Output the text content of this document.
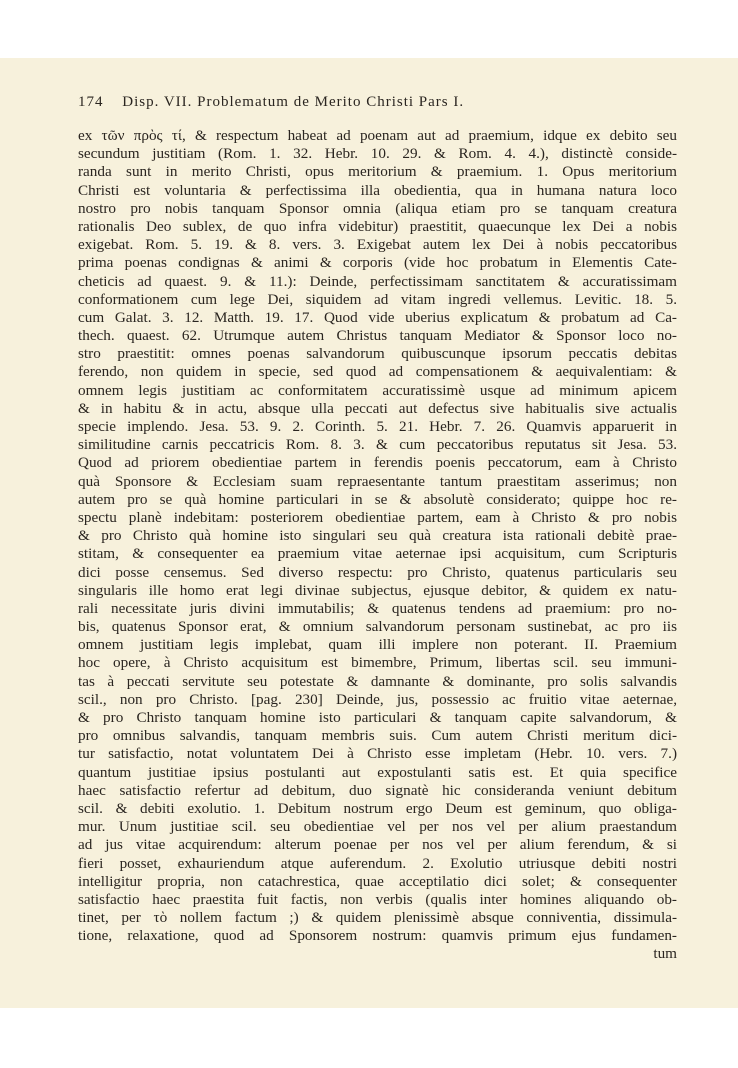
174 Disp. VII. Problematum de Merito Christi Pars I.
ex τῶν πρὸς τί, & respectum habeat ad poenam aut ad praemium, idque ex debito seu
secundum justitiam (Rom. 1. 32. Hebr. 10. 29. & Rom. 4. 4.), distinctè conside-
randa sunt in merito Christi, opus meritorium & praemium. 1. Opus meritorium
Christi est voluntaria & perfectissima illa obedientia, qua in humana natura loco
nostro pro nobis tanquam Sponsor omnia (aliqua etiam pro se tanquam creatura
rationalis Deo sublex, de quo infra videbitur) praestitit, quaecunque lex Dei a nobis
exigebat. Rom. 5. 19. & 8. vers. 3. Exigebat autem lex Dei à nobis peccatoribus
prima poenas condignas & animi & corporis (vide hoc probatum in Elementis Cate-
cheticis ad quaest. 9. & 11.): Deinde, perfectissimam sanctitatem & accuratissimam
conformationem cum lege Dei, siquidem ad vitam ingredi vellemus. Levitic. 18. 5.
cum Galat. 3. 12. Matth. 19. 17. Quod vide uberius explicatum & probatum ad Ca-
thech. quaest. 62. Utrumque autem Christus tanquam Mediator & Sponsor loco no-
stro praestitit: omnes poenas salvandorum quibuscunque ipsorum peccatis debitas
ferendo, non quidem in specie, sed quod ad compensationem & aequivalentiam: &
omnem legis justitiam ac conformitatem accuratissimè usque ad minimum apicem
& in habitu & in actu, absque ulla peccati aut defectus sive habitualis sive actualis
specie implendo. Jesa. 53. 9. 2. Corinth. 5. 21. Hebr. 7. 26. Quamvis apparuerit in
similitudine carnis peccatricis Rom. 8. 3. & cum peccatoribus reputatus sit Jesa. 53.
Quod ad priorem obedientiae partem in ferendis poenis peccatorum, eam à Christo
quà Sponsore & Ecclesiam suam repraesentante tantum praestitam asserimus; non
autem pro se quà homine particulari in se & absolutè considerato; quippe hoc re-
spectu planè indebitam: posteriorem obedientiae partem, eam à Christo & pro nobis
& pro Christo quà homine isto singulari seu quà creatura ista rationali debitè prae-
stitam, & consequenter ea praemium vitae aeternae ipsi acquisitum, cum Scripturis
dici posse censemus. Sed diverso respectu: pro Christo, quatenus particularis seu
singularis ille homo erat legi divinae subjectus, ejusque debitor, & quidem ex natu-
rali necessitate juris divini immutabilis; & quatenus tendens ad praemium: pro no-
bis, quatenus Sponsor erat, & omnium salvandorum personam sustinebat, ac pro iis
omnem justitiam legis implebat, quam illi implere non poterant. II. Praemium
hoc opere, à Christo acquisitum est bimembre, Primum, libertas scil. seu immuni-
tas à peccati servitute seu potestate & damnante & dominante, pro solis salvandis
scil., non pro Christo. [pag. 230] Deinde, jus, possessio ac fruitio vitae aeternae,
& pro Christo tanquam homine isto particulari & tanquam capite salvandorum, &
pro omnibus salvandis, tanquam membris suis. Cum autem Christi meritum dici-
tur satisfactio, notat voluntatem Dei à Christo esse impletam (Hebr. 10. vers. 7.)
quantum justitiae ipsius postulanti aut expostulanti satis est. Et quia specifice
haec satisfactio refertur ad debitum, duo signatè hic consideranda veniunt debitum
scil. & debiti exolutio. 1. Debitum nostrum ergo Deum est geminum, quo obliga-
mur. Unum justitiae scil. seu obedientiae vel per nos vel per alium praestandum
ad jus vitae acquirendum: alterum poenae per nos vel per alium ferendum, & si
fieri posset, exhauriendum atque auferendum. 2. Exolutio utriusque debiti nostri
intelligitur propria, non catachrestica, quae acceptilatio dici solet; & consequenter
satisfactio haec praestita fuit factis, non verbis (qualis inter homines aliquando ob-
tinet, per τὸ nollem factum ;) & quidem plenissimè absque conniventia, dissimula-
tione, relaxatione, quod ad Sponsorem nostrum: quamvis primum ejus fundamen-
tum
